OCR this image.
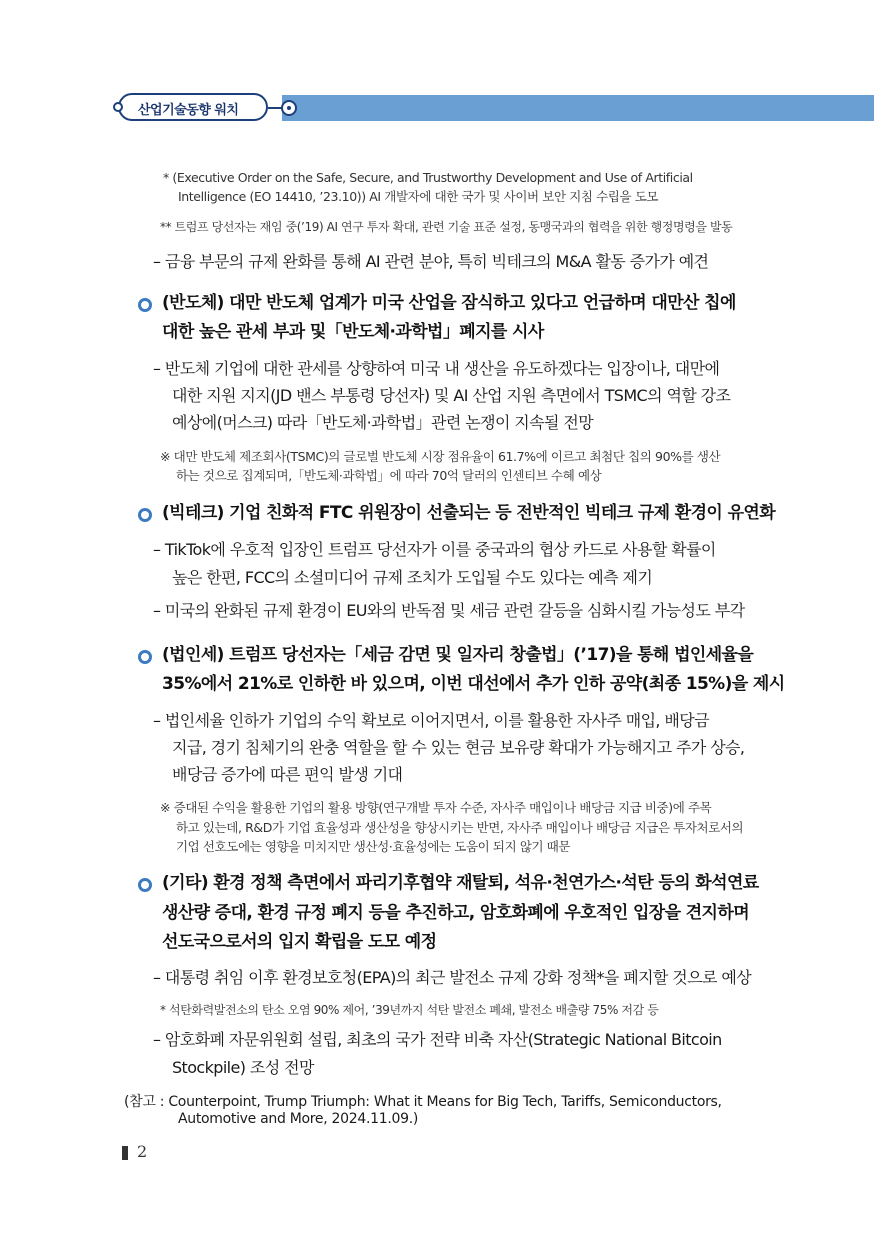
산업기술동향 워치
* (Executive Order on the Safe, Secure, and Trustworthy Development and Use of Artificial
Intelligence (EO 14410, ’23.10)) AI 개발자에 대한 국가 및 사이버 보안 지침 수립을 도모
** 트럼프 당선자는 재임 중(’19) AI 연구 투자 확대, 관련 기술 표준 설정, 동맹국과의 협력을 위한 행정명령을 발동
– 금융 부문의 규제 완화를 통해 AI 관련 분야, 특히 빅테크의 M&A 활동 증가가 예견
(반도체) 대만 반도체 업계가 미국 산업을 잠식하고 있다고 언급하며 대만산 칩에
대한 높은 관세 부과 및「반도체·과학법」폐지를 시사
– 반도체 기업에 대한 관세를 상향하여 미국 내 생산을 유도하겠다는 입장이나, 대만에
대한 지원 지지(JD 밴스 부통령 당선자) 및 AI 산업 지원 측면에서 TSMC의 역할 강조
예상에(머스크) 따라「반도체·과학법」관련 논쟁이 지속될 전망
※ 대만 반도체 제조회사(TSMC)의 글로벌 반도체 시장 점유율이 61.7%에 이르고 최첨단 칩의 90%를 생산
하는 것으로 집계되며,「반도체·과학법」에 따라 70억 달러의 인센티브 수혜 예상
(빅테크) 기업 친화적 FTC 위원장이 선출되는 등 전반적인 빅테크 규제 환경이 유연화
– TikTok에 우호적 입장인 트럼프 당선자가 이를 중국과의 협상 카드로 사용할 확률이
높은 한편, FCC의 소셜미디어 규제 조치가 도입될 수도 있다는 예측 제기
– 미국의 완화된 규제 환경이 EU와의 반독점 및 세금 관련 갈등을 심화시킬 가능성도 부각
(법인세) 트럼프 당선자는「세금 감면 및 일자리 창출법」(’17)을 통해 법인세율을
35%에서 21%로 인하한 바 있으며, 이번 대선에서 추가 인하 공약(최종 15%)을 제시
– 법인세율 인하가 기업의 수익 확보로 이어지면서, 이를 활용한 자사주 매입, 배당금
지급, 경기 침체기의 완충 역할을 할 수 있는 현금 보유량 확대가 가능해지고 주가 상승,
배당금 증가에 따른 편익 발생 기대
※ 증대된 수익을 활용한 기업의 활용 방향(연구개발 투자 수준, 자사주 매입이나 배당금 지급 비중)에 주목
하고 있는데, R&D가 기업 효율성과 생산성을 향상시키는 반면, 자사주 매입이나 배당금 지급은 투자처로서의
기업 선호도에는 영향을 미치지만 생산성·효율성에는 도움이 되지 않기 때문
(기타) 환경 정책 측면에서 파리기후협약 재탈퇴, 석유·천연가스·석탄 등의 화석연료
생산량 증대, 환경 규정 폐지 등을 추진하고, 암호화폐에 우호적인 입장을 견지하며
선도국으로서의 입지 확립을 도모 예정
– 대통령 취임 이후 환경보호청(EPA)의 최근 발전소 규제 강화 정책*을 폐지할 것으로 예상
* 석탄화력발전소의 탄소 오염 90% 제어, ’39년까지 석탄 발전소 폐쇄, 발전소 배출량 75% 저감 등
– 암호화폐 자문위원회 설립, 최초의 국가 전략 비축 자산(Strategic National Bitcoin
Stockpile) 조성 전망
(참고 : Counterpoint, Trump Triumph: What it Means for Big Tech, Tariffs, Semiconductors,
Automotive and More, 2024.11.09.)
2
